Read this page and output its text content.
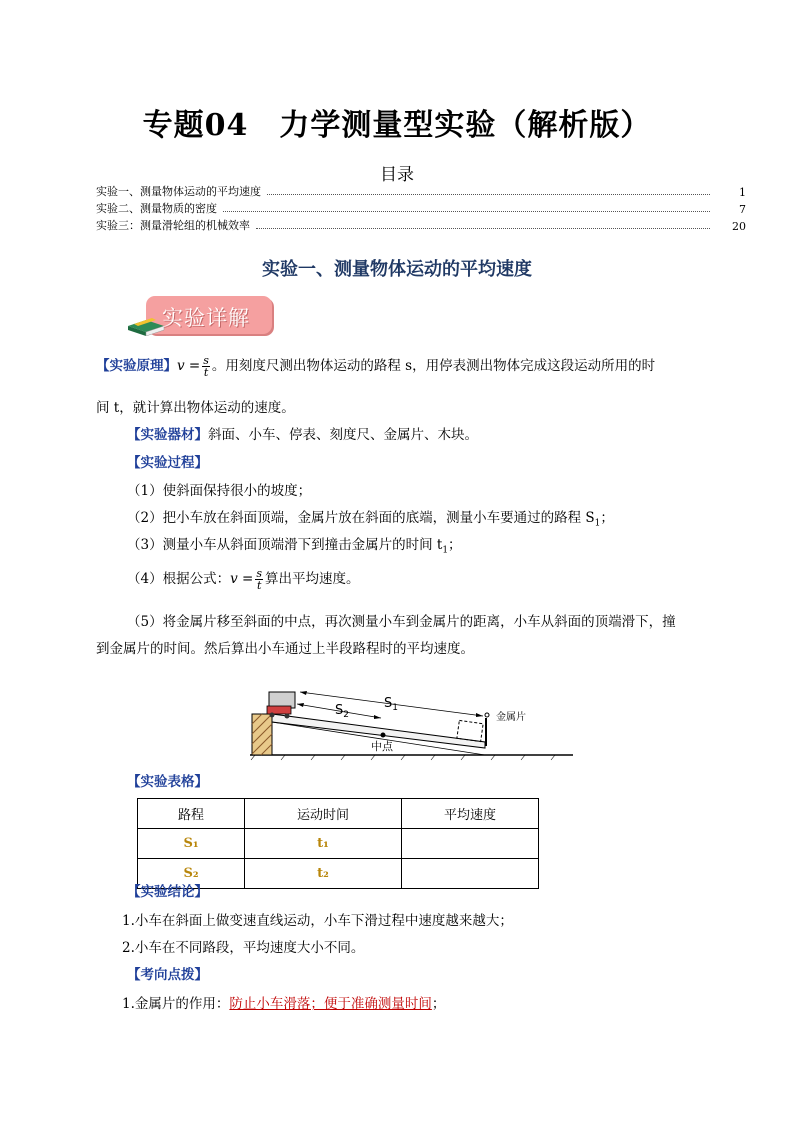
专题04　力学测量型实验（解析版）
目录
实验一、测量物体运动的平均速度	1
实验二、测量物质的密度	7
实验三：测量滑轮组的机械效率	20
实验一、测量物体运动的平均速度
实验详解
【实验原理】$v = \frac{s}{t}$ 。用刻度尺测出物体运动的路程 s，用停表测出物体完成这段运动所用的时
间 t，就计算出物体运动的速度。
【实验器材】斜面、小车、停表、刻度尺、金属片、木块。
【实验过程】
（1）使斜面保持很小的坡度；
（2）把小车放在斜面顶端，金属片放在斜面的底端，测量小车要通过的路程 $S_1$；
（3）测量小车从斜面顶端滑下到撞击金属片的时间 $t_1$；
（4）根据公式：$v = \frac{s}{t}$ 算出平均速度。
（5）将金属片移至斜面的中点，再次测量小车到金属片的距离，小车从斜面的顶端滑下，撞
到金属片的时间。然后算出小车通过上半段路程时的平均速度。
$S_1$
$S_2$	金属片
中点
【实验表格】
路程	运动时间	平均速度
S₁	t₁	
S₂	t₂	
【实验结论】
1.小车在斜面上做变速直线运动，小车下滑过程中速度越来越大；
2.小车在不同路段，平均速度大小不同。
【考向点拨】
1.金属片的作用：防止小车滑落；便于准确测量时间；
